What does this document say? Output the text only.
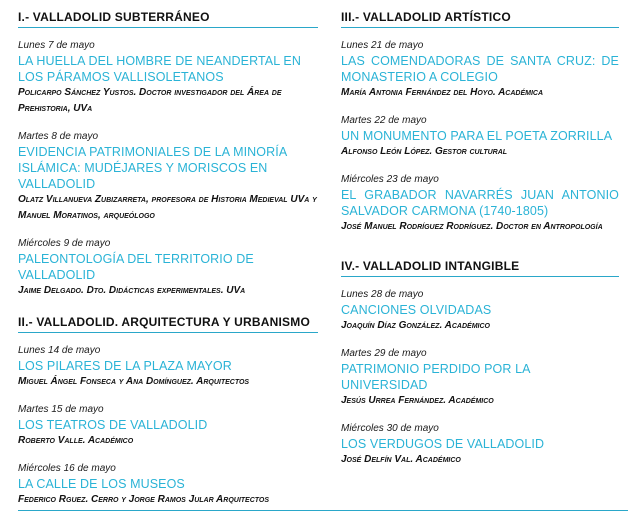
I.- VALLADOLID SUBTERRÁNEO
Lunes 7 de mayo
LA HUELLA DEL HOMBRE DE NEANDERTAL EN LOS PÁRAMOS VALLISOLETANOS
Policarpo Sánchez Yustos. Doctor investigador del Área de Prehistoria, UVa
Martes 8 de mayo
EVIDENCIA PATRIMONIALES DE LA MINORÍA ISLÁMICA: MUDÉJARES Y MORISCOS EN VALLADOLID
Olatz Villanueva Zubizarreta, profesora de Historia Medieval UVa y Manuel Moratinos, arqueólogo
Miércoles 9 de mayo
PALEONTOLOGÍA DEL TERRITORIO DE VALLADOLID
Jaime Delgado. Dto. Didácticas experimentales. UVa
II.- VALLADOLID. ARQUITECTURA Y URBANISMO
Lunes 14 de mayo
LOS PILARES DE LA PLAZA MAYOR
Miguel Ángel Fonseca y Ana Domínguez. Arquitectos
Martes 15 de mayo
LOS TEATROS DE VALLADOLID
Roberto Valle. Académico
Miércoles 16 de mayo
LA CALLE DE LOS MUSEOS
Federico Rguez. Cerro y Jorge Ramos Jular Arquitectos
III.- VALLADOLID ARTÍSTICO
Lunes 21 de mayo
LAS COMENDADORAS DE SANTA CRUZ: DE MONASTERIO A COLEGIO
María Antonia Fernández del Hoyo. Académica
Martes 22 de mayo
UN MONUMENTO PARA EL POETA ZORRILLA
Alfonso León López. Gestor cultural
Miércoles 23 de mayo
EL GRABADOR NAVARRÉS JUAN ANTONIO SALVADOR CARMONA (1740-1805)
José Manuel Rodríguez Rodríguez. Doctor en Antropología
IV.- VALLADOLID INTANGIBLE
Lunes 28 de mayo
CANCIONES OLVIDADAS
Joaquín Díaz González. Académico
Martes 29 de mayo
PATRIMONIO PERDIDO POR LA UNIVERSIDAD
Jesús Urrea Fernández. Académico
Miércoles 30 de mayo
LOS VERDUGOS DE VALLADOLID
José Delfín Val. Académico
